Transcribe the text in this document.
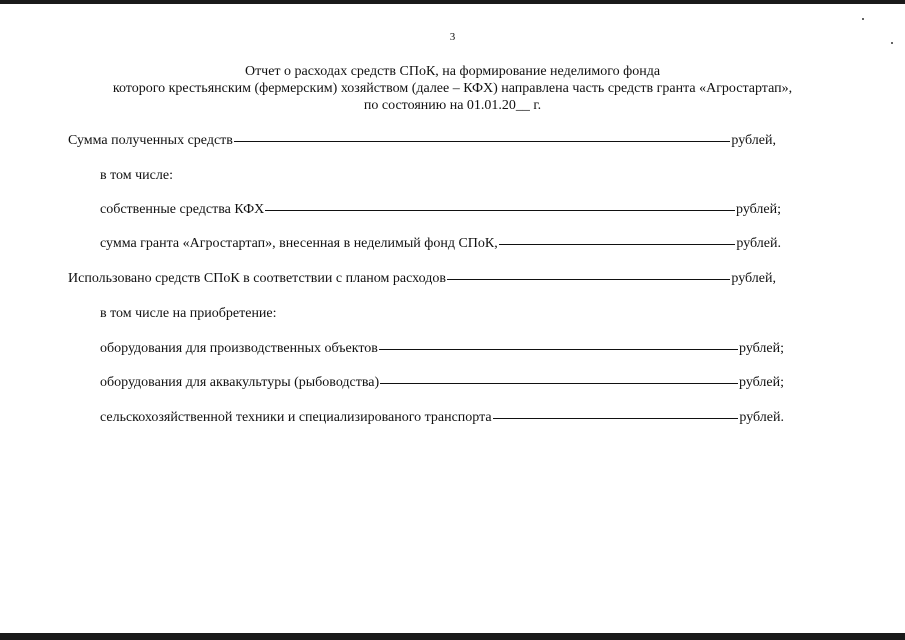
3
Отчет о расходах средств СПоК, на формирование неделимого фонда
которого крестьянским (фермерским) хозяйством (далее – КФХ) направлена часть средств гранта «Агростартап»,
по состоянию на 01.01.20__ г.
Сумма полученных средств	рублей,
в том числе:
собственные средства КФХ	рублей;
сумма гранта «Агростартап», внесенная в неделимый фонд СПоК,	рублей.
Использовано средств СПоК в соответствии с планом расходов	рублей,
в том числе на приобретение:
оборудования для производственных объектов	рублей;
оборудования для аквакультуры (рыбоводства)	рублей;
сельскохозяйственной техники и специализированого транспорта	рублей.
